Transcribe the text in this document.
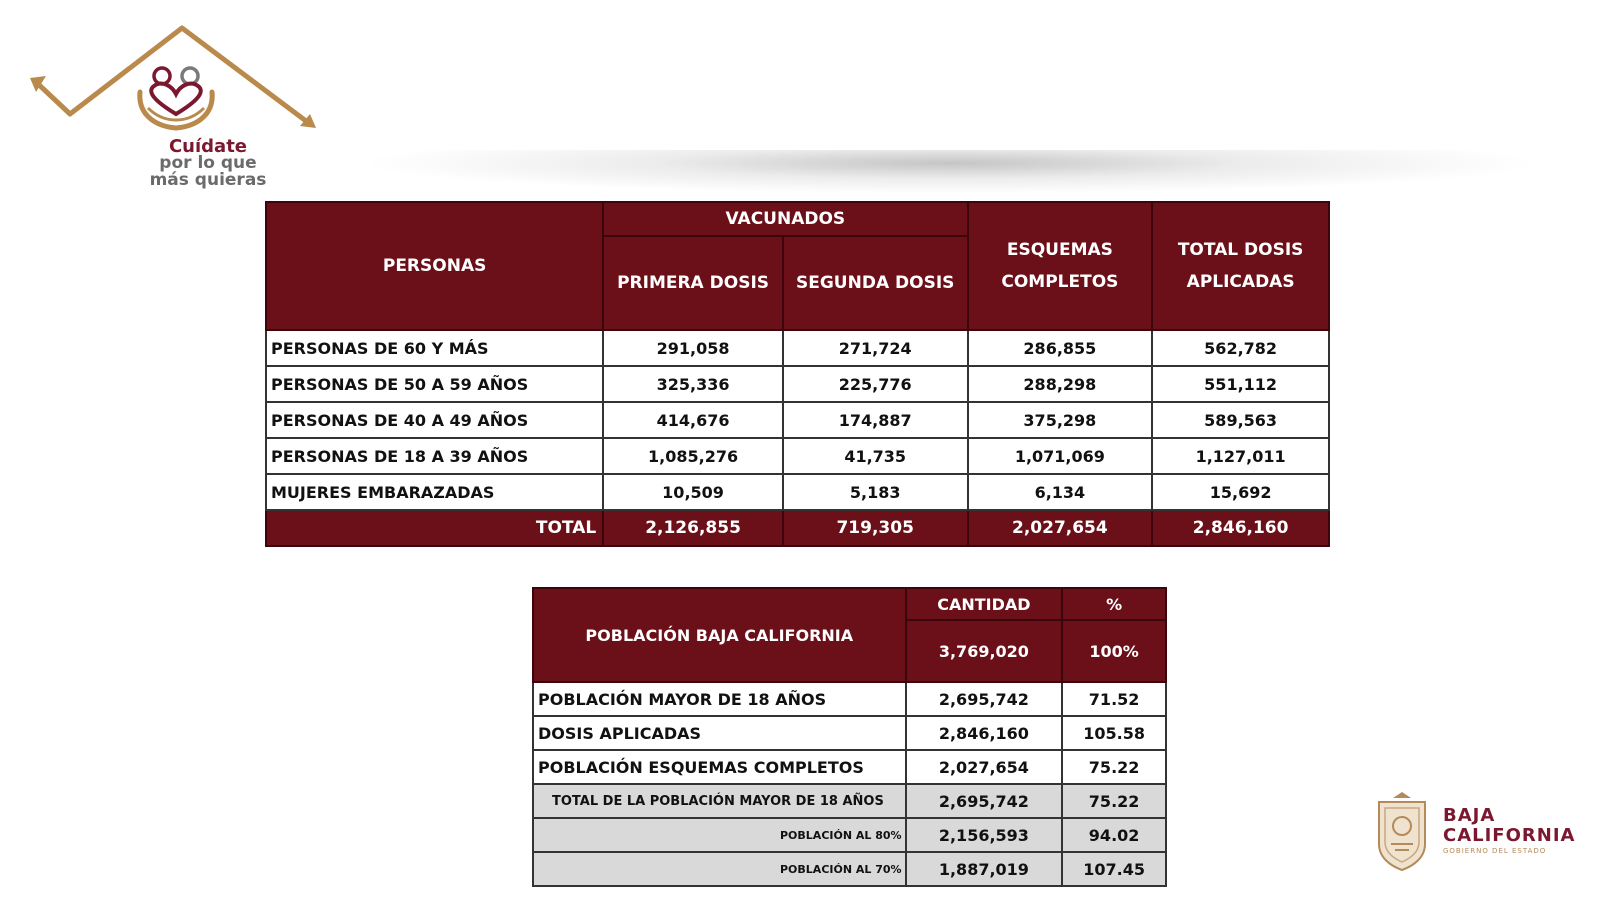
Cuídate
por lo que
más quieras
PERSONAS	VACUNADOS		ESQUEMAS COMPLETOS	TOTAL DOSIS APLICADAS
	PRIMERA DOSIS	SEGUNDA DOSIS		
PERSONAS DE 60 Y MÁS	291,058	271,724	286,855	562,782
PERSONAS DE 50 A 59 AÑOS	325,336	225,776	288,298	551,112
PERSONAS DE 40 A 49 AÑOS	414,676	174,887	375,298	589,563
PERSONAS DE 18 A 39 AÑOS	1,085,276	41,735	1,071,069	1,127,011
MUJERES EMBARAZADAS	10,509	5,183	6,134	15,692
TOTAL	2,126,855	719,305	2,027,654	2,846,160
POBLACIÓN BAJA CALIFORNIA	CANTIDAD	%
	3,769,020	100%
POBLACIÓN MAYOR DE 18 AÑOS	2,695,742	71.52
DOSIS APLICADAS	2,846,160	105.58
POBLACIÓN ESQUEMAS COMPLETOS	2,027,654	75.22
TOTAL DE LA POBLACIÓN MAYOR DE 18 AÑOS	2,695,742	75.22
POBLACIÓN AL 80%	2,156,593	94.02
POBLACIÓN AL 70%	1,887,019	107.45
BAJA
CALIFORNIA
GOBIERNO DEL ESTADO
